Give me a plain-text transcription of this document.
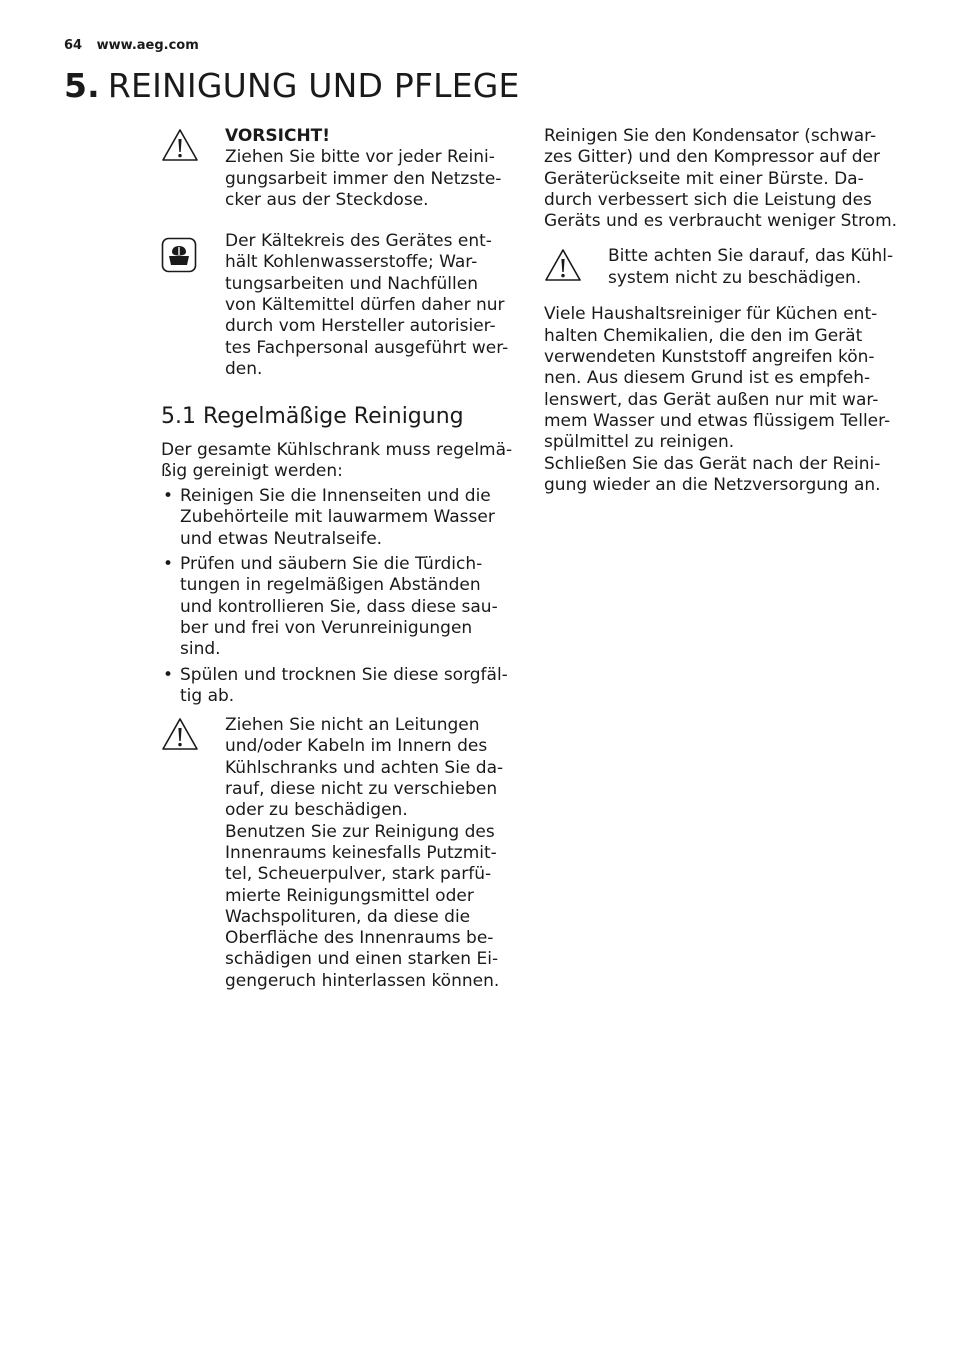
64 www.aeg.com
5. REINIGUNG UND PFLEGE
VORSICHT!
Ziehen Sie bitte vor jeder Reini-
gungsarbeit immer den Netzste-
cker aus der Steckdose.
Der Kältekreis des Gerätes ent-
hält Kohlenwasserstoffe; War-
tungsarbeiten und Nachfüllen
von Kältemittel dürfen daher nur
durch vom Hersteller autorisier-
tes Fachpersonal ausgeführt wer-
den.
5.1 Regelmäßige Reinigung
Der gesamte Kühlschrank muss regelmä-
ßig gereinigt werden:
• Reinigen Sie die Innenseiten und die
Zubehörteile mit lauwarmem Wasser
und etwas Neutralseife.
• Prüfen und säubern Sie die Türdich-
tungen in regelmäßigen Abständen
und kontrollieren Sie, dass diese sau-
ber und frei von Verunreinigungen
sind.
• Spülen und trocknen Sie diese sorgfäl-
tig ab.
Ziehen Sie nicht an Leitungen
und/oder Kabeln im Innern des
Kühlschranks und achten Sie da-
rauf, diese nicht zu verschieben
oder zu beschädigen.
Benutzen Sie zur Reinigung des
Innenraums keinesfalls Putzmit-
tel, Scheuerpulver, stark parfü-
mierte Reinigungsmittel oder
Wachspolituren, da diese die
Oberfläche des Innenraums be-
schädigen und einen starken Ei-
gengeruch hinterlassen können.
Reinigen Sie den Kondensator (schwar-
zes Gitter) und den Kompressor auf der
Geräterückseite mit einer Bürste. Da-
durch verbessert sich die Leistung des
Geräts und es verbraucht weniger Strom.
Bitte achten Sie darauf, das Kühl-
system nicht zu beschädigen.
Viele Haushaltsreiniger für Küchen ent-
halten Chemikalien, die den im Gerät
verwendeten Kunststoff angreifen kön-
nen. Aus diesem Grund ist es empfeh-
lenswert, das Gerät außen nur mit war-
mem Wasser und etwas flüssigem Teller-
spülmittel zu reinigen.
Schließen Sie das Gerät nach der Reini-
gung wieder an die Netzversorgung an.
